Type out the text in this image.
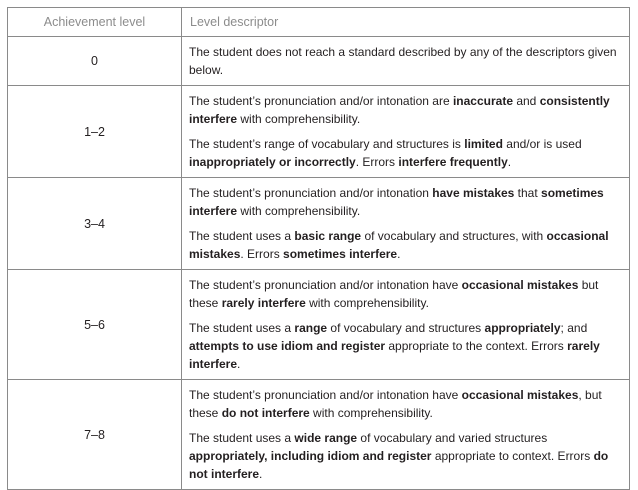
Achievement level	Level descriptor
0	The student does not reach a standard described by any of the descriptors given below.

1–2	The student’s pronunciation and/or intonation are inaccurate and consistently interfere with comprehensibility.

The student’s range of vocabulary and structures is limited and/or is used inappropriately or incorrectly. Errors interfere frequently.

3–4	The student’s pronunciation and/or intonation have mistakes that sometimes interfere with comprehensibility.

The student uses a basic range of vocabulary and structures, with occasional mistakes. Errors sometimes interfere.

5–6	The student’s pronunciation and/or intonation have occasional mistakes but these rarely interfere with comprehensibility.

The student uses a range of vocabulary and structures appropriately; and attempts to use idiom and register appropriate to the context. Errors rarely interfere.

7–8	The student’s pronunciation and/or intonation have occasional mistakes, but these do not interfere with comprehensibility.

The student uses a wide range of vocabulary and varied structures appropriately, including idiom and register appropriate to context. Errors do not interfere.
